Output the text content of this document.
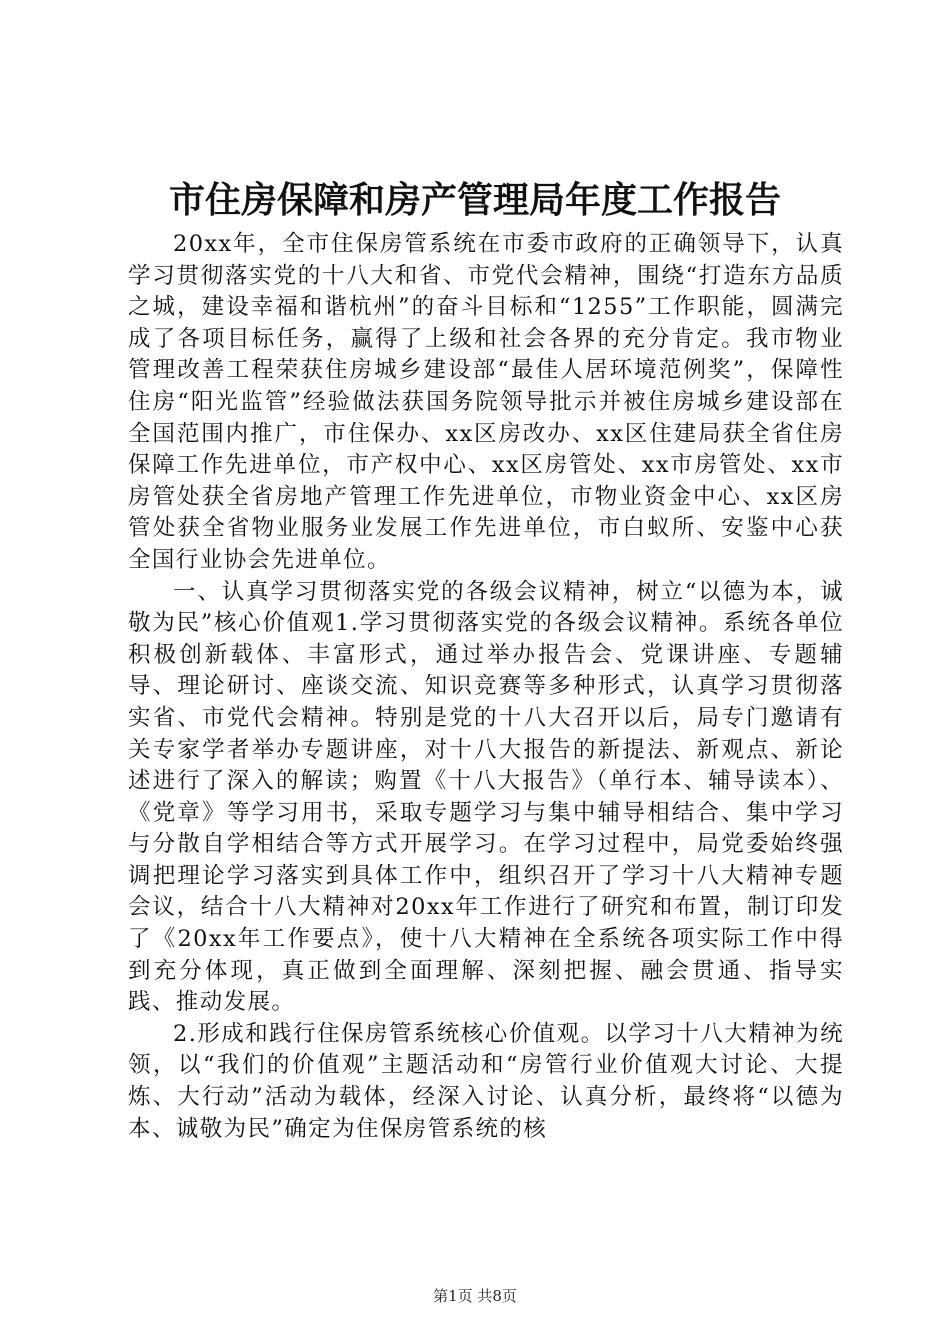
市住房保障和房产管理局年度工作报告

20xx年，全市住保房管系统在市委市政府的正确领导下，认真学习贯彻落实党的十八大和省、市党代会精神，围绕“打造东方品质之城，建设幸福和谐杭州”的奋斗目标和“1255”工作职能，圆满完成了各项目标任务，赢得了上级和社会各界的充分肯定。我市物业管理改善工程荣获住房城乡建设部“最佳人居环境范例奖”，保障性住房“阳光监管”经验做法获国务院领导批示并被住房城乡建设部在全国范围内推广，市住保办、xx区房改办、xx区住建局获全省住房保障工作先进单位，市产权中心、xx区房管处、xx市房管处、xx市房管处获全省房地产管理工作先进单位，市物业资金中心、xx区房管处获全省物业服务业发展工作先进单位，市白蚁所、安鉴中心获全国行业协会先进单位。

一、认真学习贯彻落实党的各级会议精神，树立“以德为本，诚敬为民”核心价值观1.学习贯彻落实党的各级会议精神。系统各单位积极创新载体、丰富形式，通过举办报告会、党课讲座、专题辅导、理论研讨、座谈交流、知识竞赛等多种形式，认真学习贯彻落实省、市党代会精神。特别是党的十八大召开以后，局专门邀请有关专家学者举办专题讲座，对十八大报告的新提法、新观点、新论述进行了深入的解读；购置《十八大报告》（单行本、辅导读本）、《党章》等学习用书，采取专题学习与集中辅导相结合、集中学习与分散自学相结合等方式开展学习。在学习过程中，局党委始终强调把理论学习落实到具体工作中，组织召开了学习十八大精神专题会议，结合十八大精神对20xx年工作进行了研究和布置，制订印发了《20xx年工作要点》，使十八大精神在全系统各项实际工作中得到充分体现，真正做到全面理解、深刻把握、融会贯通、指导实践、推动发展。

2.形成和践行住保房管系统核心价值观。以学习十八大精神为统领，以“我们的价值观”主题活动和“房管行业价值观大讨论、大提炼、大行动”活动为载体，经深入讨论、认真分析，最终将“以德为本、诚敬为民”确定为住保房管系统的核

第1页 共8页
